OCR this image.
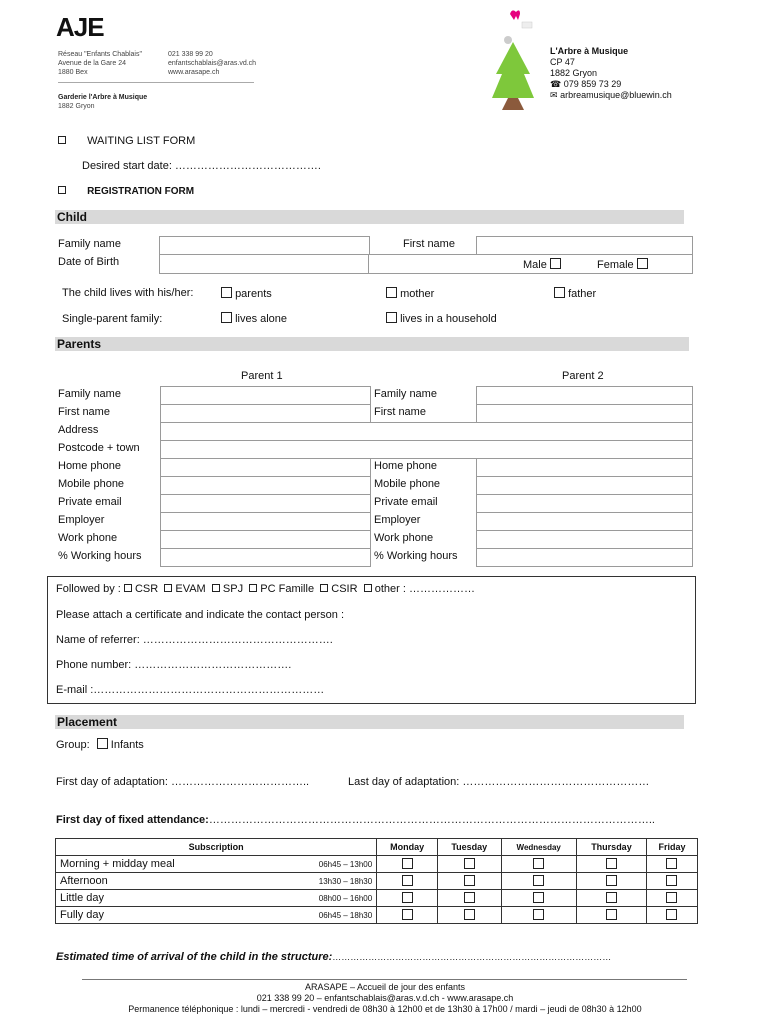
AJE
Réseau "Enfants Chablais"
Avenue de la Gare 24
1880 Bex
021 338 99 20
enfantschablais@aras.vd.ch
www.arasape.ch
Garderie l'Arbre à Musique
1882 Gryon
L'Arbre à Musique
CP 47
1882 Gryon
☎ 079 859 73 29
✉ arbreamusique@bluewin.ch
WAITING LIST FORM
Desired start date: ………………………………….
REGISTRATION FORM
Child
Family name	First name
Date of Birth	Male	Female
The child lives with his/her:	parents	mother	father
Single-parent family:	lives alone	lives in a household
Parents
Parent 1	Parent 2
Family name	Family name
First name	First name
Address
Postcode + town
Home phone	Home phone
Mobile phone	Mobile phone
Private email	Private email
Employer	Employer
Work phone	Work phone
% Working hours	% Working hours
Followed by : CSR EVAM SPJ PC Famille CSIR other : ………………
Please attach a certificate and indicate the contact person :
Name of referrer: …………………………………………….
Phone number: …………………………………….
E-mail :………………………………………………………
Placement
Group: Infants
First day of adaptation: ………………………………..	Last day of adaptation: ……………………………………………
First day of fixed attendance:…………………………………………………………………………………………………………..
Subscription		Monday	Tuesday	Wednesday	Thursday	Friday
Morning + midday meal	06h45 – 13h00					
Afternoon	13h30 – 18h30					
Little day	08h00 – 16h00					
Fully day	06h45 – 18h30					
Estimated time of arrival of the child in the structure:…………………………………………………………………………………
ARASAPE – Accueil de jour des enfants
021 338 99 20 – enfantschablais@aras.v.d.ch - www.arasape.ch
Permanence téléphonique : lundi – mercredi - vendredi de 08h30 à 12h00 et de 13h30 à 17h00 / mardi – jeudi de 08h30 à 12h00
